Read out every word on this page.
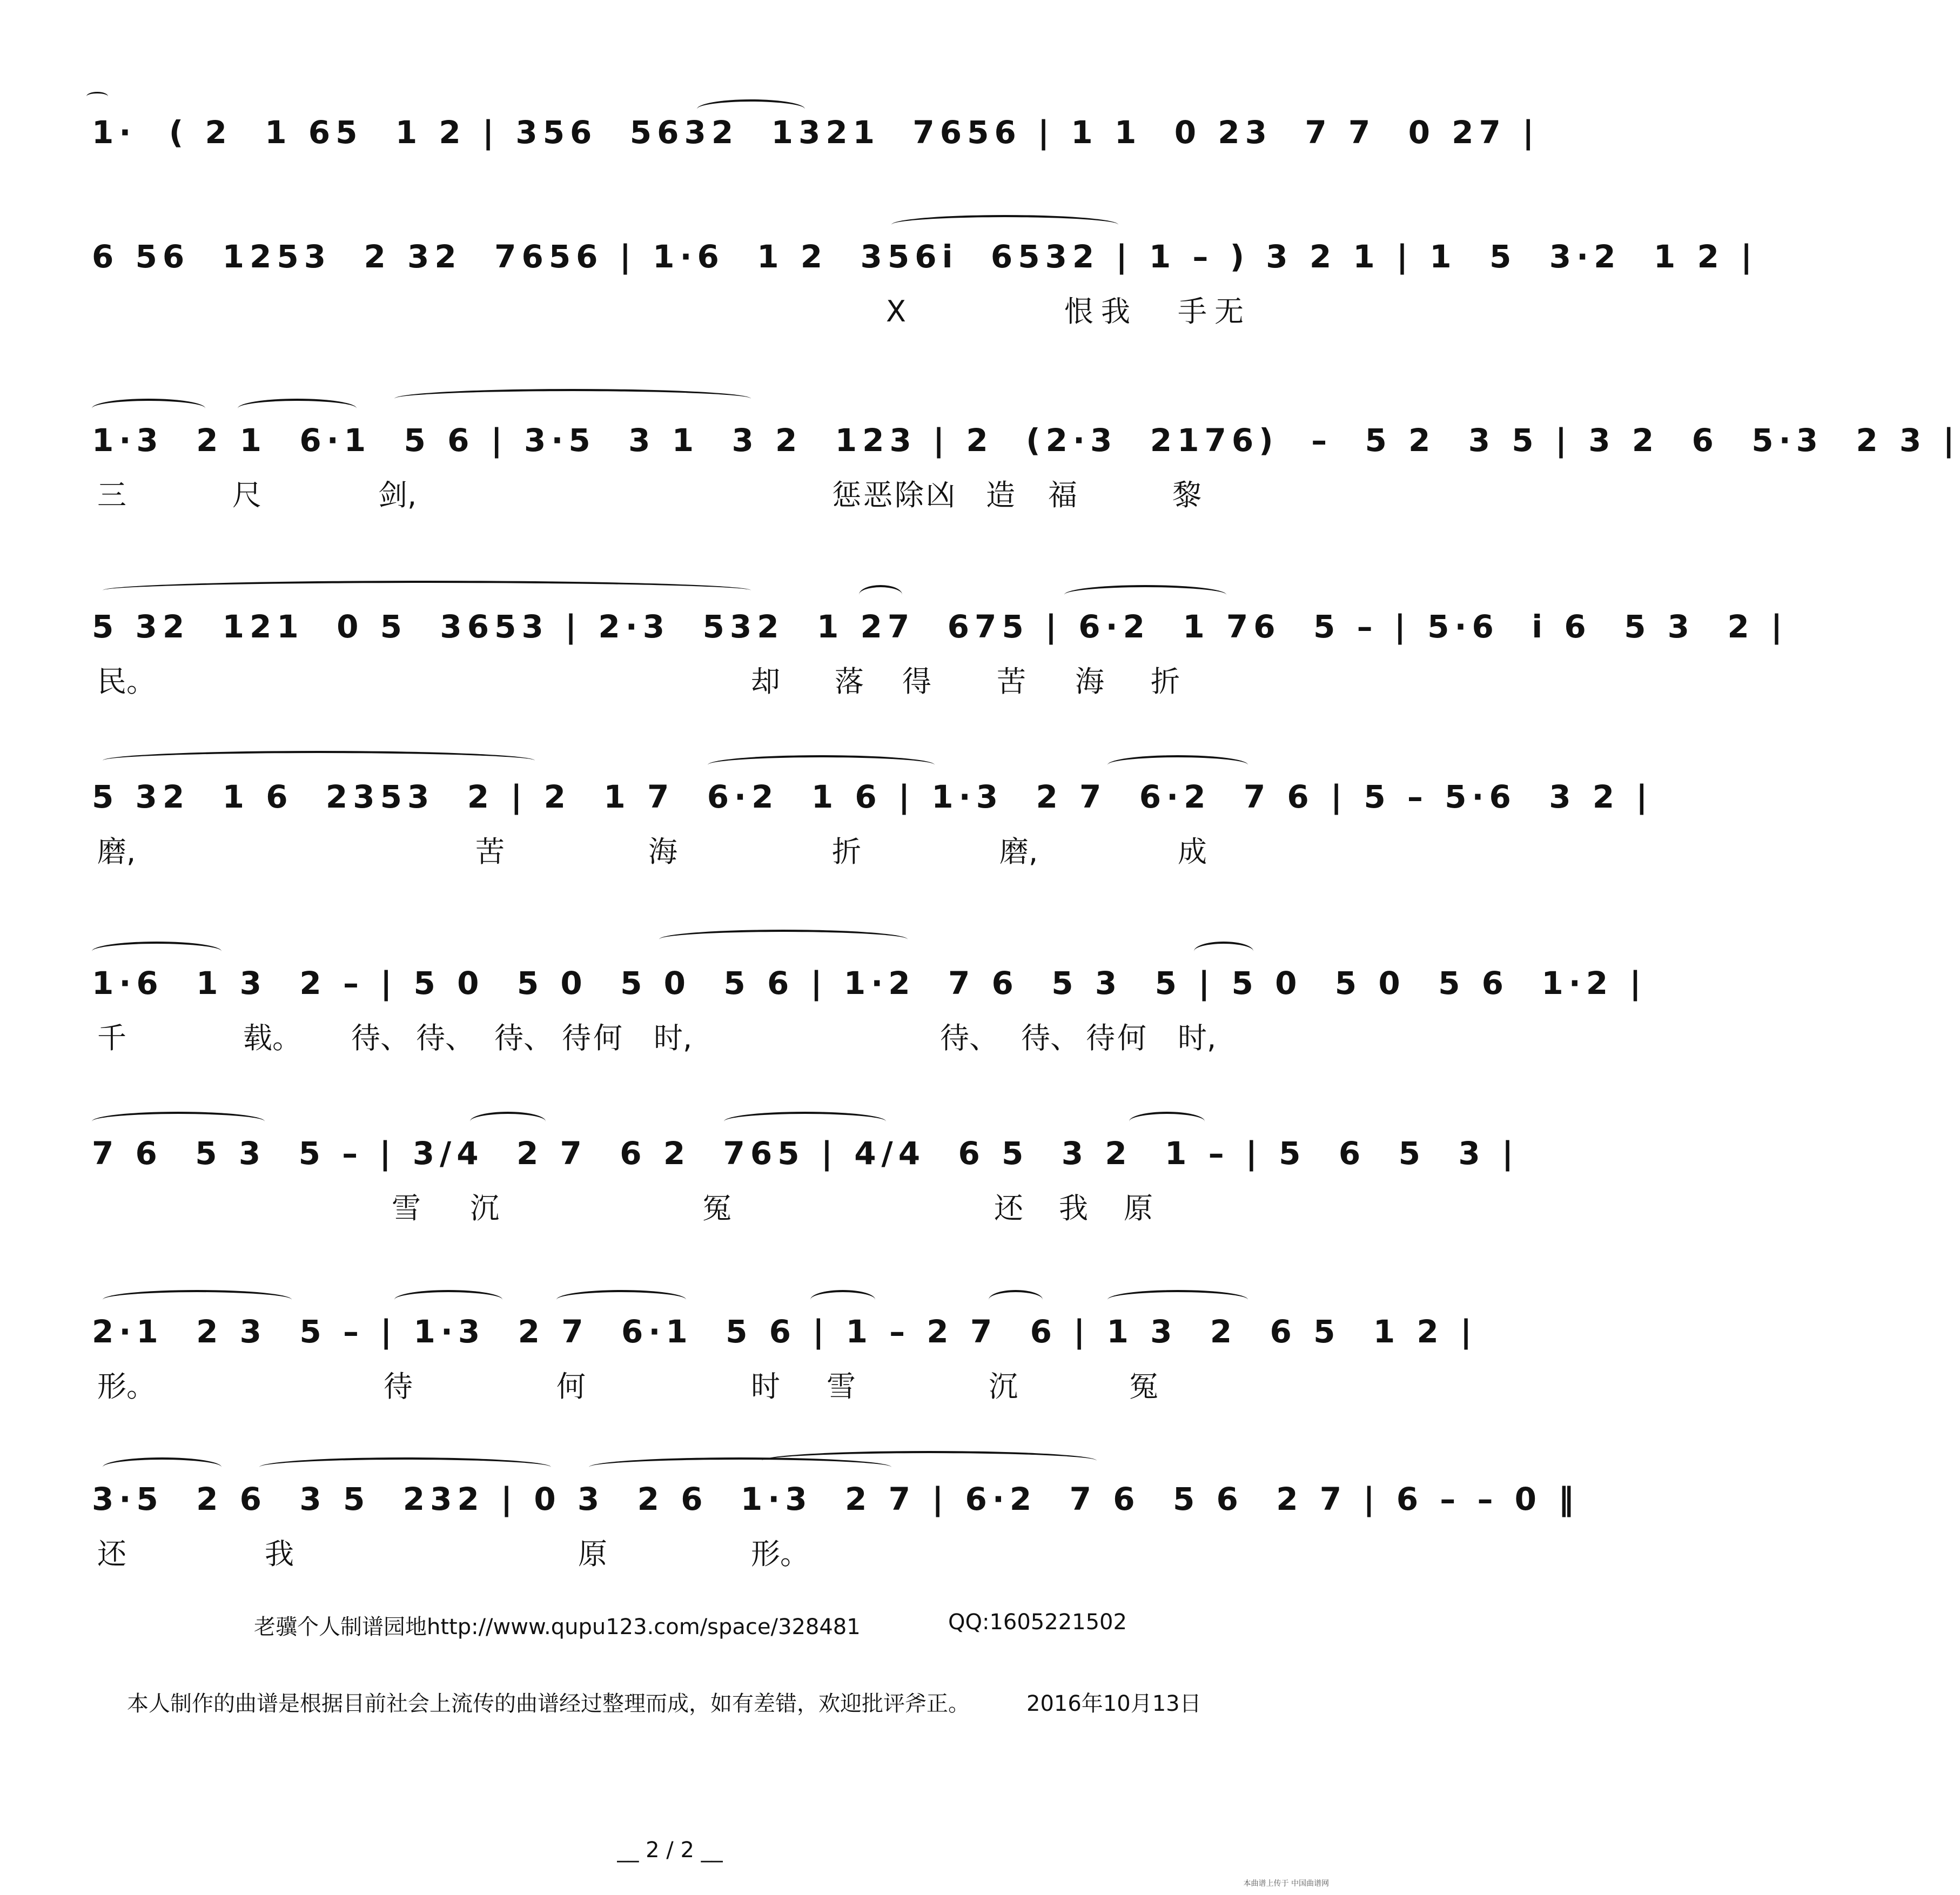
1·  ( 2  1 65  1 2 | 356  5632  1321  7656 | 1 1  0 23  7 7  0 27 |
6 56  1253  2 32  7656 | 1·6  1 2  356i  6532 | 1 – ) 3 2 1 | 1  5  3·2  1 2 |
X	恨我 手无
1·3  2 1  6·1  5 6 | 3·5  3 1  3 2  123 | 2  (2·3  2176)  –  5 2  3 5 | 3 2  6  5·3  2 3 |
三	尺	剑,	惩恶除凶 造 福	黎
5 32  121  0 5  3653 | 2·3  532  1 27  675 | 6·2  1 76  5 – | 5·6  i 6  5 3  2 |
民。	却 落 得 苦 海 折
5 32  1 6  2353  2 | 2  1 7  6·2  1 6 | 1·3  2 7  6·2  7 6 | 5 – 5·6  3 2 |
磨,	苦	海	折	磨,	成
1·6  1 3  2 – | 5 0  5 0  5 0  5 6 | 1·2  7 6  5 3  5 | 5 0  5 0  5 6  1·2 |
千	载。 待、 待、 待、 待何 时,	待、 待、 待何 时,
7 6  5 3  5 – | 3/4  2 7  6 2  765 | 4/4  6 5  3 2  1 – | 5  6  5  3 |
雪 沉	冤	还 我 原
2·1  2 3  5 – | 1·3  2 7  6·1  5 6 | 1 – 2 7  6 | 1 3  2  6 5  1 2 |
形。	待	何	时 雪	沉	冤
3·5  2 6  3 5  232 | 0 3  2 6  1·3  2 7 | 6·2  7 6  5 6  2 7 | 6 – – 0 ‖
还	我	原	形。
老骥个人制谱园地http://www.qupu123.com/space/328481	QQ:1605221502
本人制作的曲谱是根据目前社会上流传的曲谱经过整理而成，如有差错，欢迎批评斧正。	2016年10月13日
__ 2 / 2 __
本曲谱上传于 中国曲谱网
